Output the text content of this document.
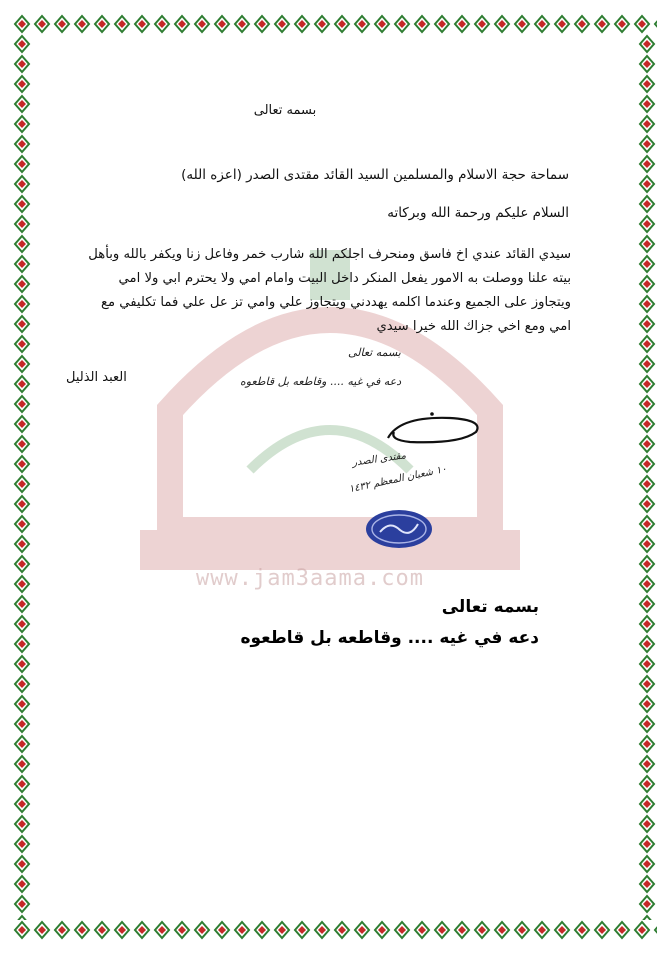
www.jam3aama.com
بسمه تعالى
سماحة حجة الاسلام والمسلمين السيد القائد مقتدى الصدر (اعزه الله)
السلام عليكم ورحمة الله وبركاته
سيدي القائد عندي اخ فاسق ومنحرف اجلكم الله شارب خمر وفاعل زنا ويكفر بالله وبأهل بيته علنا ووصلت به الامور يفعل المنكر داخل البيت وامام امي ولا يحترم ابي ولا امي ويتجاوز على الجميع وعندما اكلمه يهددني ويتجاوز علي وامي تز عل علي فما تكليفي مع امي ومع اخي جزاك الله خيرا سيدي
العبد الذليل
بسمه تعالى
دعه في غيه .... وقاطعه بل قاطعوه
مقتدى الصدر
١٠ شعبان المعظم ١٤٣٢
بسمه تعالى
دعه في غيه .... وقاطعه بل قاطعوه
